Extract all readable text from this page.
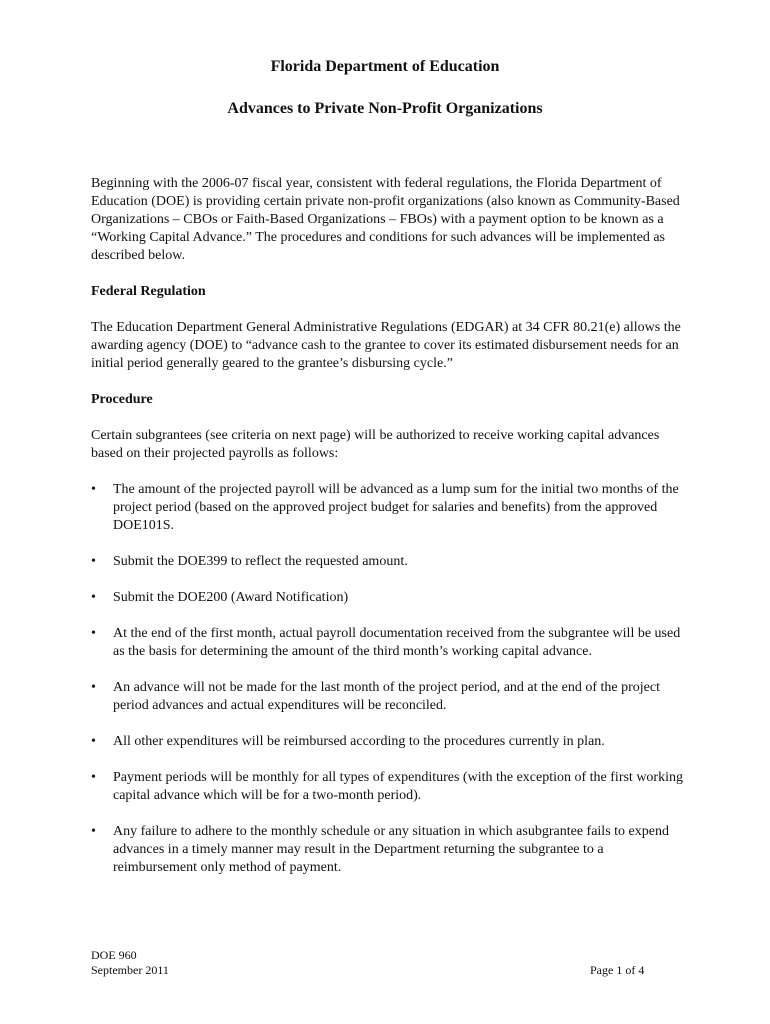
Florida Department of Education
Advances to Private Non-Profit Organizations

Beginning with the 2006-07 fiscal year, consistent with federal regulations, the Florida Department of Education (DOE) is providing certain private non-profit organizations (also known as Community-Based Organizations – CBOs or Faith-Based Organizations – FBOs) with a payment option to be known as a “Working Capital Advance.” The procedures and conditions for such advances will be implemented as described below.

Federal Regulation

The Education Department General Administrative Regulations (EDGAR) at 34 CFR 80.21(e) allows the awarding agency (DOE) to “advance cash to the grantee to cover its estimated disbursement needs for an initial period generally geared to the grantee’s disbursing cycle.”

Procedure

Certain subgrantees (see criteria on next page) will be authorized to receive working capital advances based on their projected payrolls as follows:

•	The amount of the projected payroll will be advanced as a lump sum for the initial two months of the project period (based on the approved project budget for salaries and benefits) from the approved DOE101S.
•	Submit the DOE399 to reflect the requested amount.
•	Submit the DOE200 (Award Notification)
•	At the end of the first month, actual payroll documentation received from the subgrantee will be used as the basis for determining the amount of the third month’s working capital advance.
•	An advance will not be made for the last month of the project period, and at the end of the project period advances and actual expenditures will be reconciled.
•	All other expenditures will be reimbursed according to the procedures currently in plan.
•	Payment periods will be monthly for all types of expenditures (with the exception of the first working capital advance which will be for a two-month period).
•	Any failure to adhere to the monthly schedule or any situation in which asubgrantee fails to expend advances in a timely manner may result in the Department returning the subgrantee to a reimbursement only method of payment.
DOE 960
September 2011	Page 1 of 4
